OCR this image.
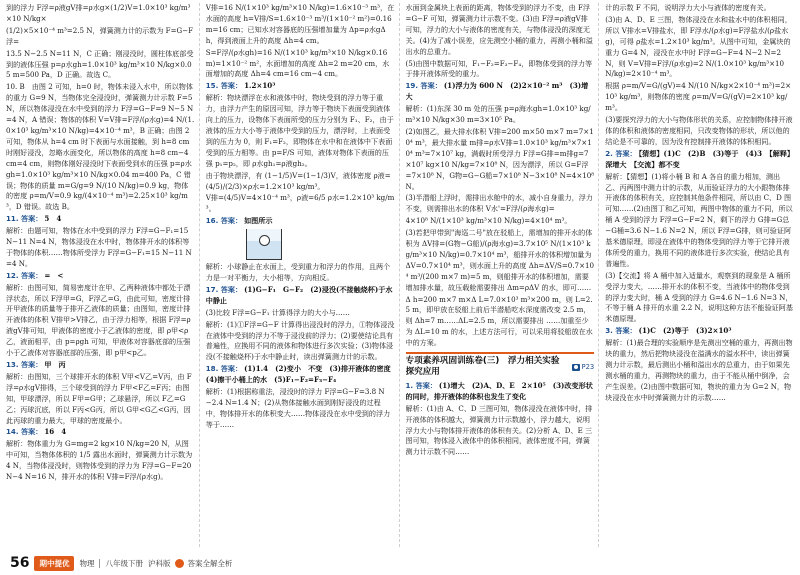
到的浮力 F浮=ρ液gV排=ρ水g×(1/2)V=1.0×10³ kg/m³×10 N/kg×

(1/2)×5×10⁻⁴ m³=2.5 N，弹簧测力计的示数为 F=G−F浮=

13.5 N−2.5 N=11 N，C 正确；刚浸没时，圆柱体底部受到的液体压强 p=ρ水gh=1.0×10³ kg/m³×10 N/kg×0.05 m=500 Pa，D 正确。故选 C。

10. B　由图 2 可知，h=0 时，物体未浸入水中，所以物体的重力 G=9 N，当物体完全浸没时，弹簧测力计示数 F=5 N，所以物体浸没在水中受到的浮力 F浮=G−F=9 N−5 N=4 N，A 错误；物体的体积 V=V排=F浮/(ρ水g)=4 N/(1.0×10³ kg/m³×10 N/kg)=4×10⁻⁴ m³，B 正确；由图 2 可知，物体从 h=4 cm 时下表面与水面接触，到 h=8 cm 时刚好浸没，忽略水面变化，所以物体的高度 h=8 cm−4 cm=4 cm，则物体刚好浸没时下表面受到水的压强 p=ρ水gh=1.0×10³ kg/m³×10 N/kg×0.04 m=400 Pa，C 错误；物体的质量 m=G/g=9 N/(10 N/kg)=0.9 kg，物体的密度 ρ=m/V=0.9 kg/(4×10⁻⁴ m³)=2.25×10³ kg/m³，D 错误。故选 B。

11. 答案： 5　4

解析：由题可知，物体在水中受到的浮力 F浮=G−F₁=15 N−11 N=4 N，物体浸没在水中时，物体排开水的体积等于物体的体积……物体所受浮力 F浮=G−F₁=15 N−11 N=4 N。

12. 答案： =　<

解析：由图可知，简易密度计在甲、乙两种液体中都处于漂浮状态，所以 F浮甲=G，F浮乙=G，由此可知，密度计排开甲液体的质量等于排开乙液体的质量；由图知，密度计排开液体的体积 V排甲>V排乙，由于浮力相等，根据 F浮=ρ液gV排可知，甲液体的密度小于乙液体的密度，即 ρ甲<ρ乙，液面相平，由 p=ρgh 可知，甲液体对容器底部的压强小于乙液体对容器底部的压强，即 p甲<p乙。

13. 答案： 甲　丙

解析：由图知，三个球排开水的体积 V甲<V乙=V丙，由 F浮=ρ水gV排得，三个球受到的浮力 F甲<F乙=F丙；由图知，甲球漂浮，所以 F甲=G甲；乙球悬浮，所以 F乙=G乙；丙球沉底，所以 F丙<G丙，所以 G甲<G乙<G丙，因此丙球的重力最大，甲球的密度最小。

14. 答案： 16　4

解析：物体重力为 G=mg=2 kg×10 N/kg=20 N，从图中可知，当物体体积的 1/5 露出水面时，弹簧测力计示数为 4 N，当物体浸没时，则物体受到的浮力为 F浮=G−F=20 N−4 N=16 N，排开水的体积 V排=F浮/(ρ水g)。

V排=16 N/(1×10³ kg/m³×10 N/kg)=1.6×10⁻³ m³，在水面的高度 h=V排/S=1.6×10⁻³ m³/(1×10⁻² m²)=0.16 m=16 cm；已知水对容器底的压强增加量为 Δp=ρ水gΔh，得到液面上升的高度 Δh=4 cm。

S=F浮/(ρ水gh)=16 N/(1×10³ kg/m³×10 N/kg×0.16 m)=1×10⁻² m²，水面增加的高度 Δh=2 m=20 cm，水面增加的高度 Δh=4 cm=16 cm−4 cm。

15. 答案： 1.2×10³

解析：物块漂浮在水和液体中时，物块受到的浮力等于重力，由浮力产生的原因可知，浮力等于物块下表面受到液体向上的压力，设物体下表面所受的压力分别为 F₁、F₂，由于液体的压力大小等于液体中受到的压力，漂浮时，上表面受到的压力为 0，则 F₁=F₂，即物体在水中和在液体中下表面受到的压力相等。由 p=F/S 可知，液体对物体下表面的压强 p₁=p₂，即 ρ水gh₁=ρ液gh₂。

由于物块漂浮，有 (1−1/5)V=(1−1/3)V，液体密度 ρ液=(4/5)/(2/3)×ρ水=1.2×10³ kg/m³。

V排=(4/5)V=4×10⁻⁴ m³，ρ液=6/5 ρ水=1.2×10³ kg/m³。

16. 答案： 如图所示

解析：小球静止在水面上，受到重力和浮力的作用，且两个力是一对平衡力，大小相等，方向相反。

17. 答案： (1)G−F₁　G−F₂　(2)浸没(不接触烧杯)于水中静止

(3)比较 F浮=G−F₁ 计算得浮力的大小与……

解析：(1)①F浮=G−F 计算得出浸没时的浮力，①物体浸没在液体中受到的浮力不等于浸没前的浮力；(2)要使结论具有普遍性，应换用不同的液体和物体进行多次实验；(3)物体浸没(不接触烧杯)于水中静止时，读出弹簧测力计的示数。

18. 答案： (1)1.4　(2)变小　不变　(3)排开液体的密度　(4)擦干小桶上的水　(5)F₁−F₂=F₃−F₄

解析：(1)根据称重法，浸没时的浮力 F浮=G−F=3.8 N−2.4 N=1.4 N；(2)从物体接触水面到刚好浸没的过程中，物体排开水的体积变大……物体浸没在水中受到的浮力等于……

水面到金属块上表面的距离，物体受到的浮力不变，由 F浮=G−F 可知，弹簧测力计示数不变。(3)由 F浮=ρ液gV排可知，浮力的大小与液体的密度有关，与物体浸没的深度无关。(4)为了减小误差，应先测空小桶的重力，再测小桶和溢出水的总重力。

(5)由图中数据可知，F₁−F₂=F₃−F₄，即物体受到的浮力等于排开液体所受的重力。

19. 答案： (1)浮力为 600 N　(2)2×10⁻² m³　(3)增大

解析：(1)东深 30 m 处的压强 p=ρ海水gh=1.0×10³ kg/m³×10 N/kg×30 m=3×10⁵ Pa。

(2)如图乙，最大排水体积 V排=200 m×50 m×7 m=7×10⁴ m³，最大排水量 m排=ρ水V排=1.0×10³ kg/m³×7×10⁴ m³=7×10⁷ kg，满载时所受浮力 F浮=G排=m排g=7×10⁷ kg×10 N/kg=7×10⁸ N，因为漂浮，所以 G=F浮=7×10⁸ N，G物=G−G船=7×10⁸ N−3×10⁸ N=4×10⁸ N。

(3)半潜船上浮时，需排出水舱中的水，减小自身重力，浮力不变，则需排出水的体积 V水'=F浮/(ρ海水g)=

4×10⁸ N/(1×10³ kg/m³×10 N/kg)=4×10⁴ m³。

(3)若把甲带到"海巡二号"放在驳船上，需增加的排开水的体积为 ΔV排=(G物−G船)/(ρ海水g)=3.7×10⁵ N/(1×10³ kg/m³×10 N/kg)=0.7×10⁴ m³，船排开水的体积增加量为 ΔV=0.7×10⁴ m³，则水面上升的高度 Δh=ΔV/S=0.7×10⁴ m³/(200 m×7 m)=5 m，则船排开水的体积增加，需要增加排水量，故压载舱需要排出 Δm=ρΔV 的水，即可……

Δ h=200 m×7 m×Δ L=7.0×10³ m³×200 m，则 L=2.5 m，即甲放在驳船上前后半潜船吃水深度需改变 2.5 m，则 Δh=7 m……ΔL=2.5 m，所以需要排出 ……加重至少为 ΔL=10 m 的水，上述方法可行，可以采用将驳船放在水中的方案。

专项素养巩固训练卷(三)　浮力相关实验探究应用
P23

1. 答案： (1)增大　(2)A、D、E　2×10⁵　(3)改变形状的同时，排开液体的体积也发生了变化

解析：(1)由 A、C、D 三图可知，物体浸没在液体中时，排开液体的体积越大，弹簧测力计示数越小，浮力越大，说明浮力大小与物体排开液体的体积有关。(2)分析 A、D、E 三图可知，物体浸入液体中的体积相同，液体密度不同，弹簧测力计示数不同……

计的示数 F 不同，说明浮力大小与液体的密度有关。

(3)由 A、D、E 三图，物体浸没在水和盐水中的体积相同，所以 V排水=V排盐水，即 F浮水/(ρ水g)=F浮盐水/(ρ盐水g)，可得 ρ盐水=1.2×10³ kg/m³。从图中可知，金属块的重力 G=4 N，浸没在水中时 F浮=G−F=4 N−2 N=2 N，则 V=V排=F浮/(ρ水g)=2 N/(1.0×10³ kg/m³×10 N/kg)=2×10⁻⁴ m³。

根据 ρ=m/V=G/(gV)=4 N/(10 N/kg×2×10⁻⁴ m³)=2×10³ kg/m³，则物体的密度 ρ=m/V=G/(gV)=2×10³ kg/m³。

(3)要探究浮力的大小与物体形状的关系，应控制物体排开液体的体积和液体的密度相同，只改变物体的形状，所以他的结论是不可靠的，因为没有控制排开液体的体积相同。

2. 答案： 【猜想】(1)C　(2)B　(3)等于　(4)3　【解释】深增大　【交流】都不变

解析：【猜想】(1)将小桶 B 和 A 各自的重力相加，测出乙、丙两图中测力计的示数，从而验证浮力的大小跟物体排开液体的体积有关，应控制其他条件相同，所以由 C、D 图可知……(2)由图丁和乙可知，两图中物体的重力不同，所以桶 A 受到的浮力 F浮=G−F=2 N，剩下的浮力 G排=G总−G桶=3.6 N−1.6 N=2 N，所以 F浮=G排，则可验证阿基米德原理，即浸在液体中的物体受到的浮力等于它排开液体所受的重力，换用不同的液体进行多次实验，使结论具有普遍性。

(3)【交流】将 A 桶中加入适量水，观察到的现象是 A 桶所受浮力变大，……排开水的体积不变，当液体中的物体受到的浮力变大时，桶 A 受到的浮力 G=4.6 N−1.6 N=3 N，不等于桶 A 排开的水重 2.2 N，说明这种方法不能验证阿基米德原理。

3. 答案： (1)C　(2)等于　(3)2×10³

解析：(1)最合理的实验顺序是先测出空桶的重力，再测出物块的重力，然后把物块浸没在溢满水的溢水杯中，读出弹簧测力计示数，最后测出小桶和溢出水的总重力，由于如果先测水桶的重力，再测物块的重力，由于不能从桶中倒净，会产生误差。(2)由图中数据可知，物块的重力为 G=2 N，物块浸没在水中时弹簧测力计的示数……

56	期中提优	物理 八年级下册 沪科版 答案全解全析
